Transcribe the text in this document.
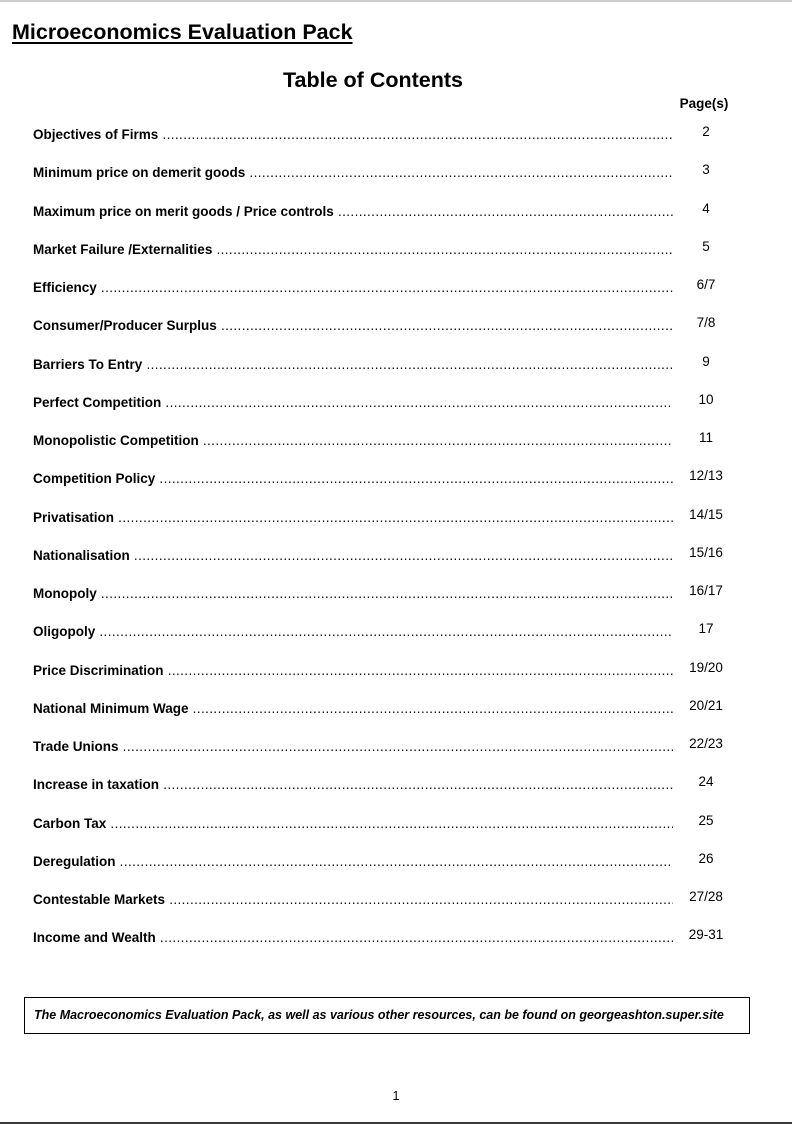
Microeconomics Evaluation Pack
Table of Contents
Page(s)
Objectives of Firms .....	2
Minimum price on demerit goods .....	3
Maximum price on merit goods / Price controls .....	4
Market Failure /Externalities .....	5
Efficiency .....	6/7
Consumer/Producer Surplus .....	7/8
Barriers To Entry .....	9
Perfect Competition .....	10
Monopolistic Competition .....	11
Competition Policy .....	12/13
Privatisation .....	14/15
Nationalisation .....	15/16
Monopoly .....	16/17
Oligopoly .....	17
Price Discrimination .....	19/20
National Minimum Wage .....	20/21
Trade Unions .....	22/23
Increase in taxation .....	24
Carbon Tax .....	25
Deregulation .....	26
Contestable Markets .....	27/28
Income and Wealth .....	29-31
The Macroeconomics Evaluation Pack, as well as various other resources, can be found on georgeashton.super.site
1
